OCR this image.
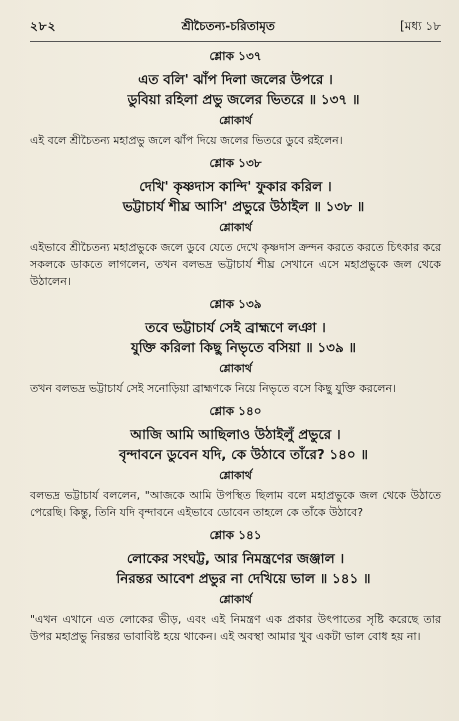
২৮২	শ্রীচৈতন্য-চরিতামৃত	[মধ্য ১৮
শ্লোক ১৩৭
এত বলি' ঝাঁপ দিলা জলের উপরে ।
ডুবিয়া রহিলা প্রভু জলের ভিতরে ॥ ১৩৭ ॥
শ্লোকার্থ
এই বলে শ্রীচৈতন্য মহাপ্রভু জলে ঝাঁপ দিয়ে জলের ভিতরে ডুবে রইলেন।
শ্লোক ১৩৮
দেখি' কৃষ্ণদাস কান্দি' ফুকার করিল ।
ভট্টাচার্য শীঘ্র আসি' প্রভুরে উঠাইল ॥ ১৩৮ ॥
শ্লোকার্থ
এইভাবে শ্রীচৈতন্য মহাপ্রভুকে জলে ডুবে যেতে দেখে কৃষ্ণদাস ক্রন্দন করতে করতে চিৎকার করে সকলকে ডাকতে লাগলেন, তখন বলভদ্র ভট্টাচার্য শীঘ্র সেখানে এসে মহাপ্রভুকে জল থেকে উঠালেন।
শ্লোক ১৩৯
তবে ভট্টাচার্য সেই ব্রাহ্মণে লঞা ।
যুক্তি করিলা কিছু নিভৃতে বসিয়া ॥ ১৩৯ ॥
শ্লোকার্থ
তখন বলভদ্র ভট্টাচার্য সেই সনোড়িয়া ব্রাহ্মণকে নিয়ে নিভৃতে বসে কিছু যুক্তি করলেন।
শ্লোক ১৪০
আজি আমি আছিলাও উঠাইলুঁ প্রভুরে ।
বৃন্দাবনে ডুবেন যদি, কে উঠাবে তাঁরে? ১৪০ ॥
শ্লোকার্থ
বলভদ্র ভট্টাচার্য বললেন, "আজকে আমি উপস্থিত ছিলাম বলে মহাপ্রভুকে জল থেকে উঠাতে পেরেছি। কিন্তু, তিনি যদি বৃন্দাবনে এইভাবে ডোবেন তাহলে কে তাঁকে উঠাবে?
শ্লোক ১৪১
লোকের সংঘট্ট, আর নিমন্ত্রণের জঞ্জাল ।
নিরন্তর আবেশ প্রভুর না দেখিয়ে ভাল ॥ ১৪১ ॥
শ্লোকার্থ
"এখন এখানে এত লোকের ভীড়, এবং এই নিমন্ত্রণ এক প্রকার উৎপাতের সৃষ্টি করেছে তার উপর মহাপ্রভু নিরন্তর ভাবাবিষ্ট হয়ে থাকেন। এই অবস্থা আমার খুব একটা ভাল বোধ হয় না।
